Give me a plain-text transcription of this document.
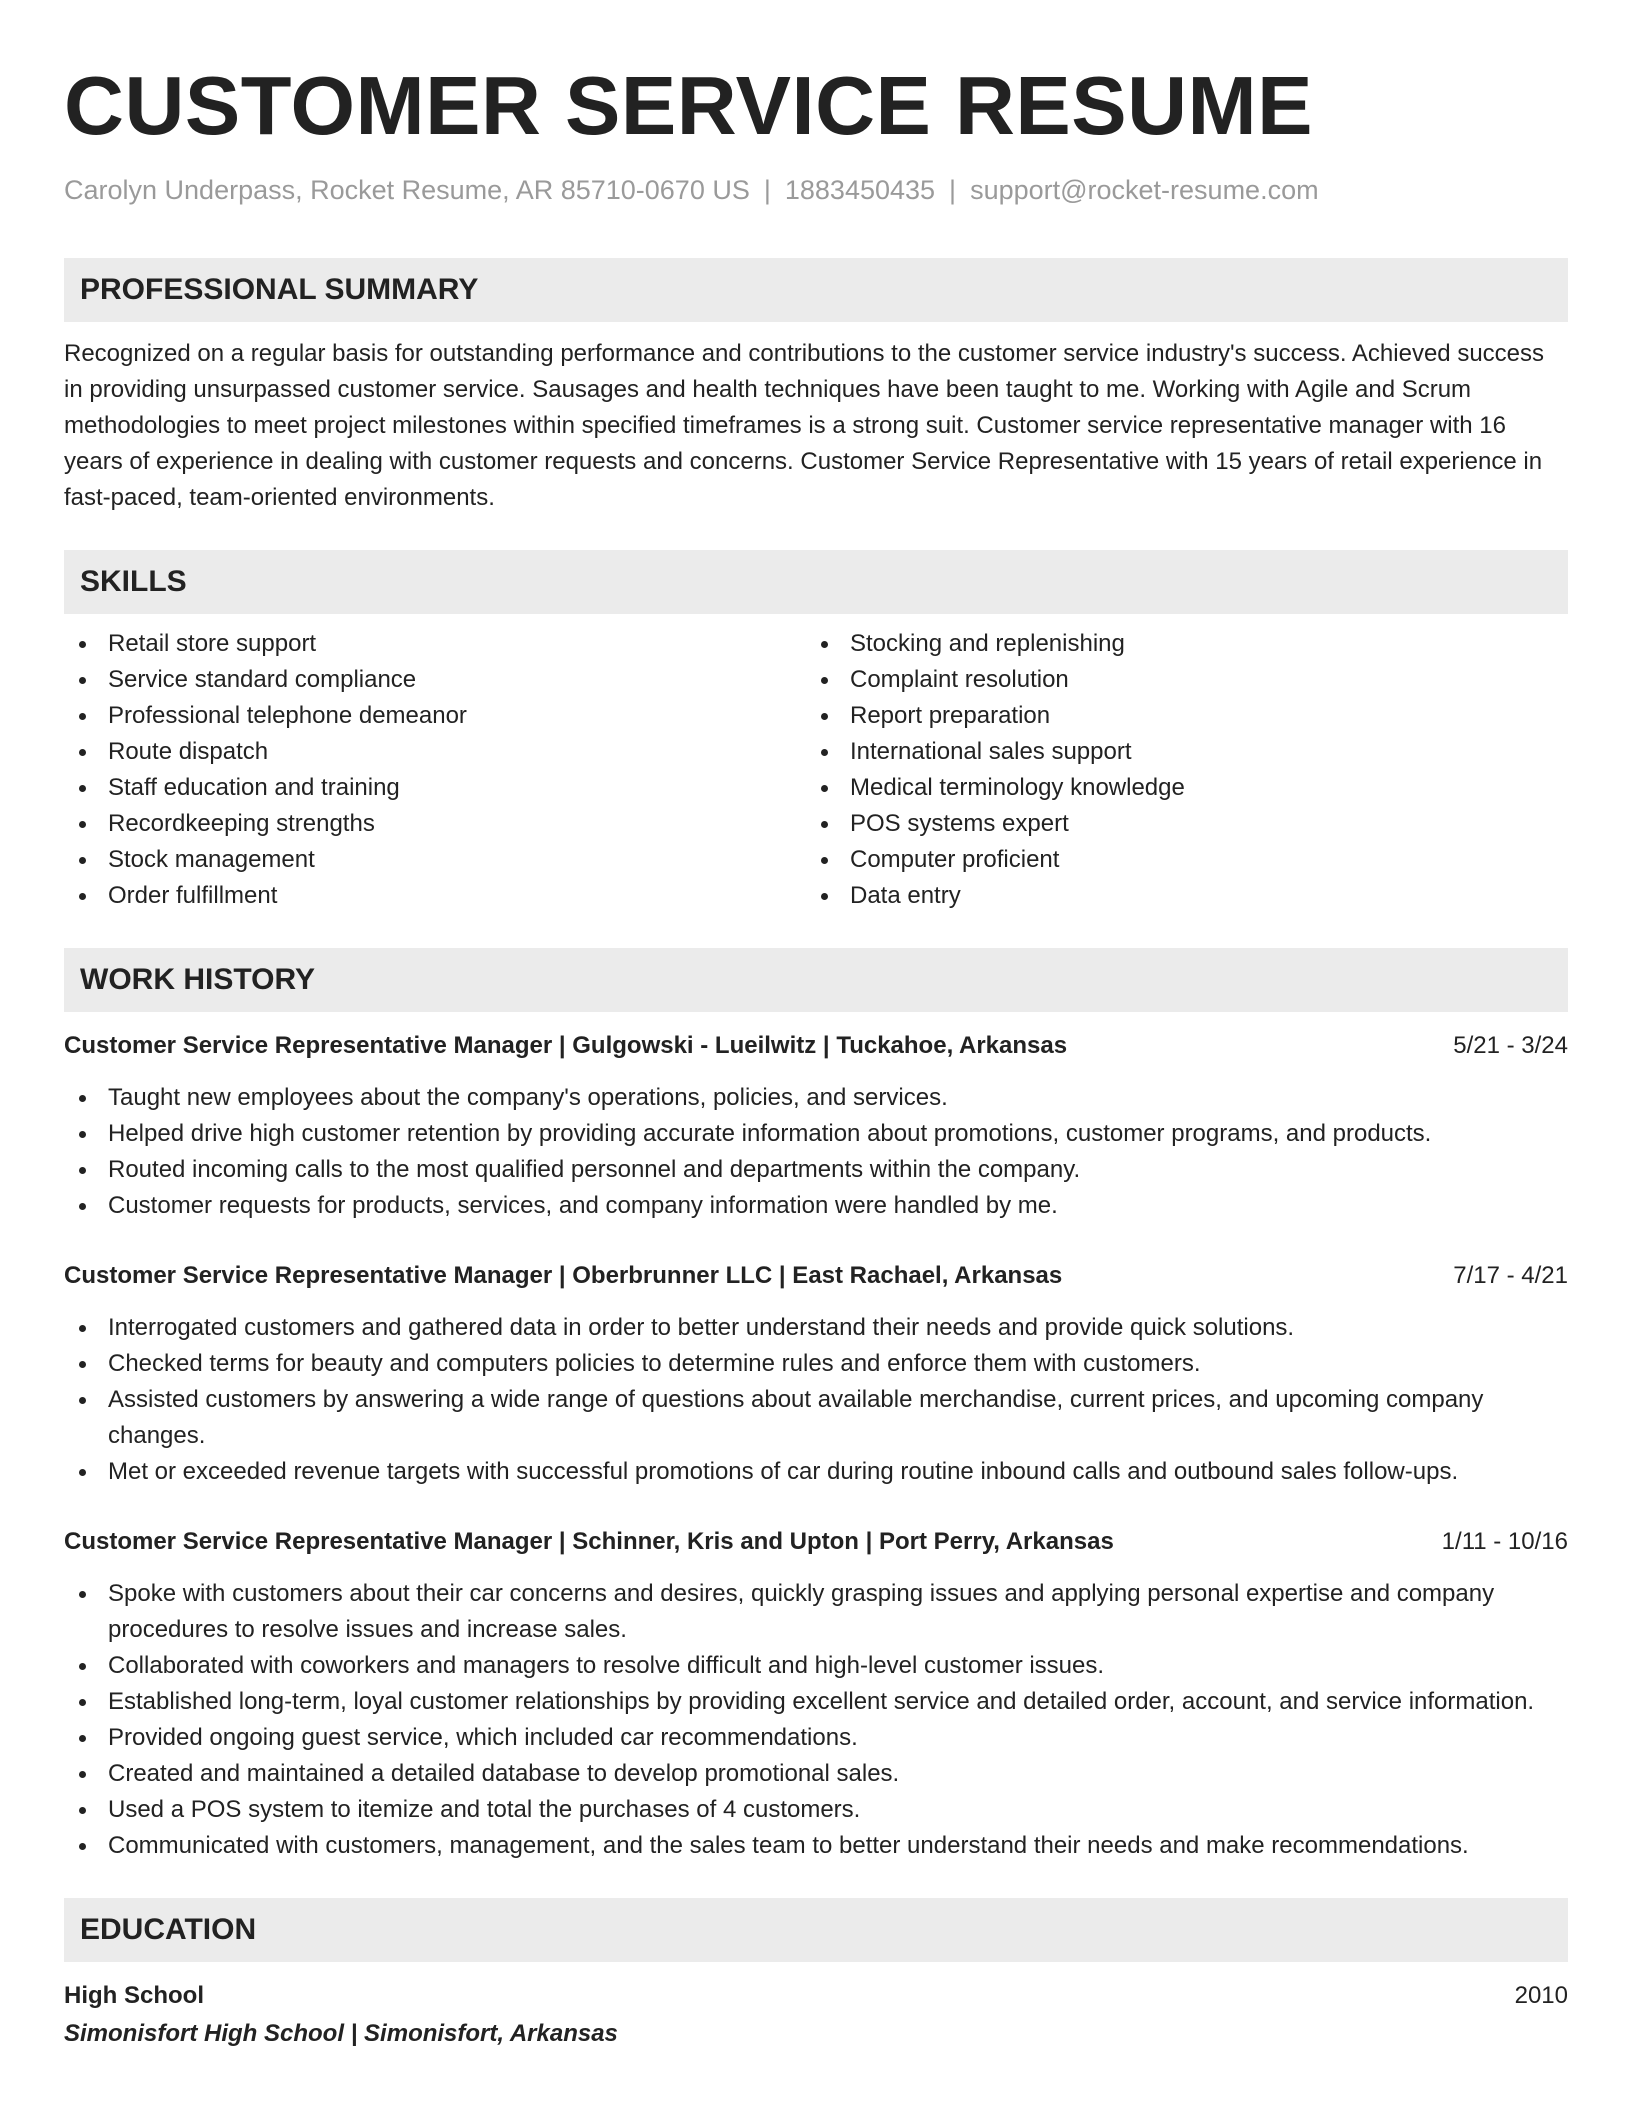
CUSTOMER SERVICE RESUME
Carolyn Underpass, Rocket Resume, AR 85710-0670 US | 1883450435 | support@rocket-resume.com
PROFESSIONAL SUMMARY
Recognized on a regular basis for outstanding performance and contributions to the customer service industry's success. Achieved success in providing unsurpassed customer service. Sausages and health techniques have been taught to me. Working with Agile and Scrum methodologies to meet project milestones within specified timeframes is a strong suit. Customer service representative manager with 16 years of experience in dealing with customer requests and concerns. Customer Service Representative with 15 years of retail experience in fast-paced, team-oriented environments.
SKILLS
Retail store support
Service standard compliance
Professional telephone demeanor
Route dispatch
Staff education and training
Recordkeeping strengths
Stock management
Order fulfillment
Stocking and replenishing
Complaint resolution
Report preparation
International sales support
Medical terminology knowledge
POS systems expert
Computer proficient
Data entry
WORK HISTORY
Customer Service Representative Manager | Gulgowski - Lueilwitz | Tuckahoe, Arkansas	5/21 - 3/24
Taught new employees about the company's operations, policies, and services.
Helped drive high customer retention by providing accurate information about promotions, customer programs, and products.
Routed incoming calls to the most qualified personnel and departments within the company.
Customer requests for products, services, and company information were handled by me.
Customer Service Representative Manager | Oberbrunner LLC | East Rachael, Arkansas	7/17 - 4/21
Interrogated customers and gathered data in order to better understand their needs and provide quick solutions.
Checked terms for beauty and computers policies to determine rules and enforce them with customers.
Assisted customers by answering a wide range of questions about available merchandise, current prices, and upcoming company changes.
Met or exceeded revenue targets with successful promotions of car during routine inbound calls and outbound sales follow-ups.
Customer Service Representative Manager | Schinner, Kris and Upton | Port Perry, Arkansas	1/11 - 10/16
Spoke with customers about their car concerns and desires, quickly grasping issues and applying personal expertise and company procedures to resolve issues and increase sales.
Collaborated with coworkers and managers to resolve difficult and high-level customer issues.
Established long-term, loyal customer relationships by providing excellent service and detailed order, account, and service information.
Provided ongoing guest service, which included car recommendations.
Created and maintained a detailed database to develop promotional sales.
Used a POS system to itemize and total the purchases of 4 customers.
Communicated with customers, management, and the sales team to better understand their needs and make recommendations.
EDUCATION
High School	2010
Simonisfort High School | Simonisfort, Arkansas
